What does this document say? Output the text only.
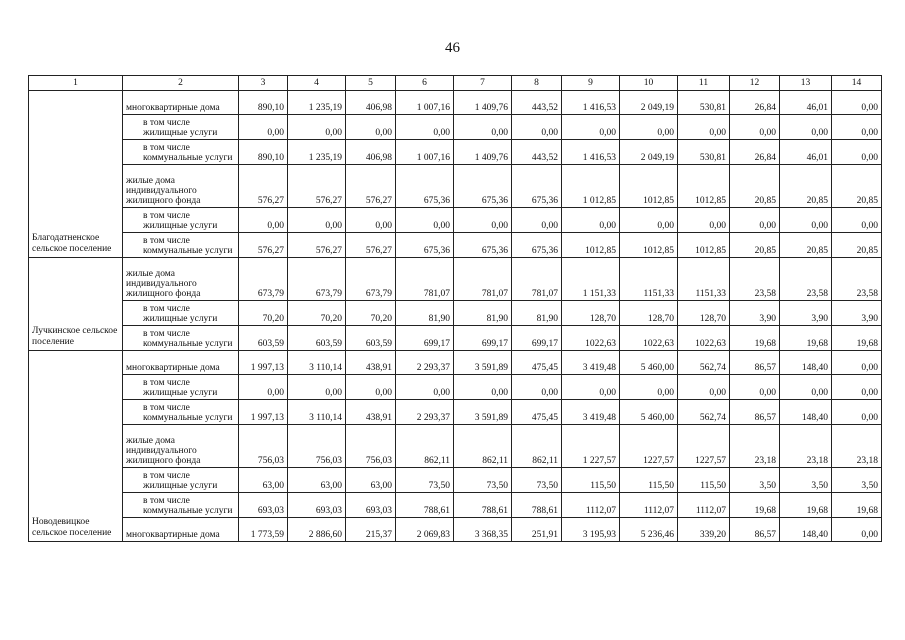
46
1	2	3	4	5	6	7	8	9	10	11	12	13	14
Благодатненское сельское поселение	многоквартирные дома	890,10	1 235,19	406,98	1 007,16	1 409,76	443,52	1 416,53	2 049,19	530,81	26,84	46,01	0,00
	в том числе жилищные услуги	0,00	0,00	0,00	0,00	0,00	0,00	0,00	0,00	0,00	0,00	0,00	0,00
	в том числе коммунальные услуги	890,10	1 235,19	406,98	1 007,16	1 409,76	443,52	1 416,53	2 049,19	530,81	26,84	46,01	0,00
	жилые дома индивидуального жилищного фонда	576,27	576,27	576,27	675,36	675,36	675,36	1 012,85	1012,85	1012,85	20,85	20,85	20,85
	в том числе жилищные услуги	0,00	0,00	0,00	0,00	0,00	0,00	0,00	0,00	0,00	0,00	0,00	0,00
	в том числе коммунальные услуги	576,27	576,27	576,27	675,36	675,36	675,36	1012,85	1012,85	1012,85	20,85	20,85	20,85
Лучкинское сельское поселение	жилые дома индивидуального жилищного фонда	673,79	673,79	673,79	781,07	781,07	781,07	1 151,33	1151,33	1151,33	23,58	23,58	23,58
	в том числе жилищные услуги	70,20	70,20	70,20	81,90	81,90	81,90	128,70	128,70	128,70	3,90	3,90	3,90
	в том числе коммунальные услуги	603,59	603,59	603,59	699,17	699,17	699,17	1022,63	1022,63	1022,63	19,68	19,68	19,68
Новодевицкое сельское поселение	многоквартирные дома	1 997,13	3 110,14	438,91	2 293,37	3 591,89	475,45	3 419,48	5 460,00	562,74	86,57	148,40	0,00
	в том числе жилищные услуги	0,00	0,00	0,00	0,00	0,00	0,00	0,00	0,00	0,00	0,00	0,00	0,00
	в том числе коммунальные услуги	1 997,13	3 110,14	438,91	2 293,37	3 591,89	475,45	3 419,48	5 460,00	562,74	86,57	148,40	0,00
	жилые дома индивидуального жилищного фонда	756,03	756,03	756,03	862,11	862,11	862,11	1 227,57	1227,57	1227,57	23,18	23,18	23,18
	в том числе жилищные услуги	63,00	63,00	63,00	73,50	73,50	73,50	115,50	115,50	115,50	3,50	3,50	3,50
	в том числе коммунальные услуги	693,03	693,03	693,03	788,61	788,61	788,61	1112,07	1112,07	1112,07	19,68	19,68	19,68
	многоквартирные дома	1 773,59	2 886,60	215,37	2 069,83	3 368,35	251,91	3 195,93	5 236,46	339,20	86,57	148,40	0,00
